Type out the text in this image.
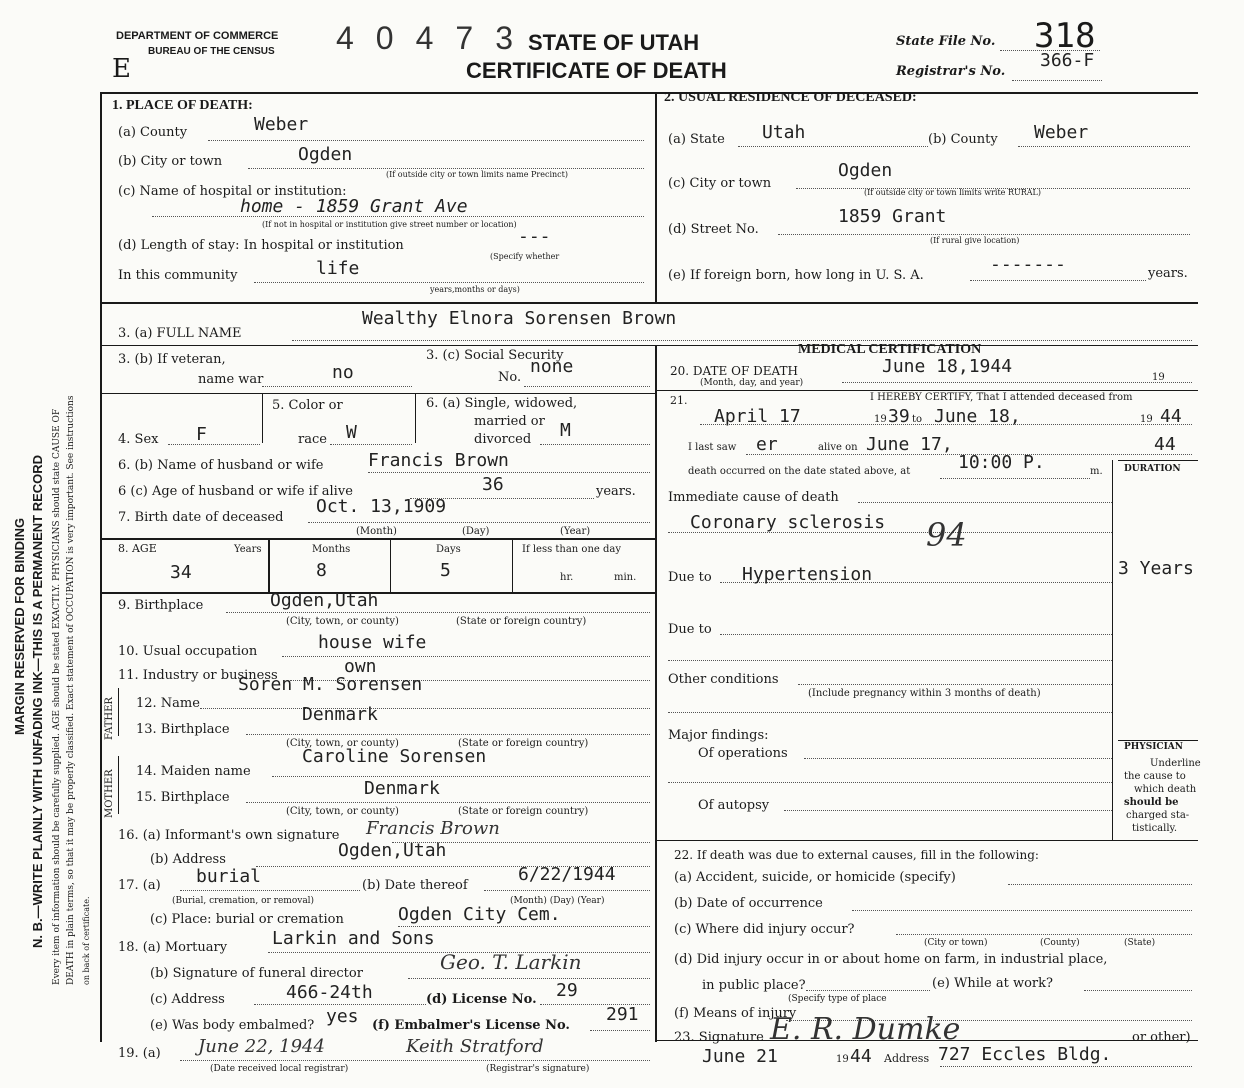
MARGIN RESERVED FOR BINDING N. B.—WRITE PLAINLY WITH UNFADING INK—THIS IS A PERMANENT RECORD Every item of information should be carefully supplied. AGE should be stated EXACTLY. PHYSICIANS should state CAUSE OF DEATH in plain terms, so that it may be properly classified. Exact statement of OCCUPATION is very important. See instructions on back of certificate.
DEPARTMENT OF COMMERCE
BUREAU OF THE CENSUS 40473
E
STATE OF UTAH
CERTIFICATE OF DEATH
State File No. 318
Registrar's No.
366-F
1. PLACE OF DEATH:
(a) County	Weber
(b) City or town	Ogden
(If outside city or town limits name Precinct)
(c) Name of hospital or institution:
home - 1859 Grant Ave
(If not in hospital or institution give street number or location)
(d) Length of stay: In hospital or institution	---
(Specify whether
In this community	life
years,months or days)
2. USUAL RESIDENCE OF DECEASED:
(a) State Utah	(b) County Weber
(c) City or town
Ogden
(If outside city or town limits write RURAL)
(d) Street No.
1859 Grant
(If rural give location)
(e) If foreign born, how long in U. S. A.
-------	years.
3. (a) FULL NAME
Wealthy Elnora Sorensen Brown
3. (b) If veteran,
name war	no
3. (c) Social Security
No.
none
4. Sex F
5. Color or
race W
6. (a) Single, widowed,
married or
divorced M
6. (b) Name of husband or wife Francis Brown
6 (c) Age of husband or wife if alive	36	years.
7. Birth date of deceased
Oct. 13,1909
(Month)	(Day)	(Year)
8. AGE	Years	Months	Days	If less than one day
34	8	5	hr.	min.
9. Birthplace	Ogden,Utah
(City, town, or county)	(State or foreign country)
10. Usual occupation	house wife
11. Industry or business	own
FATHER
MOTHER
12. Name
Soren M. Sorensen
13. Birthplace
Denmark
(City, town, or county)	(State or foreign country)
14. Maiden name
Caroline Sorensen
15. Birthplace	Denmark
(City, town, or county)	(State or foreign country)
16. (a) Informant's own signature Francis Brown
(b) Address	Ogden,Utah
17. (a) burial
(Burial, cremation, or removal)
(b) Date thereof
6/22/1944
(Month) (Day) (Year)
(c) Place: burial or cremation	Ogden City Cem.
18. (a) Mortuary Larkin and Sons
(b) Signature of funeral director	Geo. T. Larkin
(c) Address	466-24th	(d) License No. 29
(e) Was body embalmed? yes (f) Embalmer's License No.
291
19. (a) June 22, 1944	Keith Stratford
(Date received local registrar)	(Registrar's signature)
MEDICAL CERTIFICATION
20. DATE OF DEATH
(Month, day, and year)
June 18,1944
19
21.	I HEREBY CERTIFY, That I attended deceased from
April 17	19 39 to June 18,	19 44
I last saw er	alive on June 17,	44
death occurred on the date stated above, at	10:00 P.	m. DURATION
Immediate cause of death
Coronary sclerosis 94
Due to Hypertension	3 Years
Due to
Other conditions
(Include pregnancy within 3 months of death)
Major findings:
Of operations
Of autopsy
PHYSICIAN
Underline
the cause to
which death
should be
charged sta-
tistically.
22. If death was due to external causes, fill in the following:
(a) Accident, suicide, or homicide (specify)
(b) Date of occurrence
(c) Where did injury occur?
(City or town)	(County)	(State)
(d) Did injury occur in or about home on farm, in industrial place,
in public place?	(e) While at work?
(Specify type of place
(f) Means of injury
23. Signature E. R. Dumke	or other)
June 21	19 44 Address 727 Eccles Bldg.
